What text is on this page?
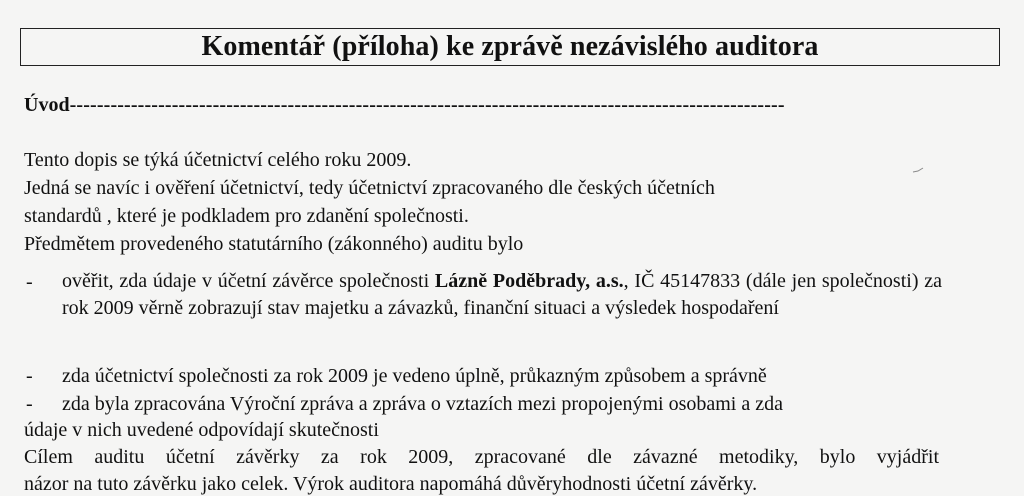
Komentář (příloha) ke zprávě nezávislého auditora
Úvod---------------------------------------------------------------------------------------------------------
Tento dopis se týká účetnictví celého roku 2009.
Jedná se navíc i ověření účetnictví, tedy účetnictví zpracovaného dle českých účetních
standardů , které je podkladem pro zdanění společnosti.
Předmětem provedeného statutárního (zákonného) auditu bylo
- ověřit, zda údaje v účetní závěrce společnosti Lázně Poděbrady, a.s., IČ 45147833 (dále jen společnosti) za rok 2009 věrně zobrazují stav majetku a závazků, finanční situaci a výsledek hospodaření
- zda účetnictví společnosti za rok 2009 je vedeno úplně, průkazným způsobem a správně
- zda byla zpracována Výroční zpráva a zpráva o vztazích mezi propojenými osobami a zda
údaje v nich uvedené odpovídají skutečnosti
Cílem auditu účetní závěrky za rok 2009, zpracované dle závazné metodiky, bylo vyjádřit
názor na tuto závěrku jako celek. Výrok auditora napomáhá důvěryhodnosti účetní závěrky.
